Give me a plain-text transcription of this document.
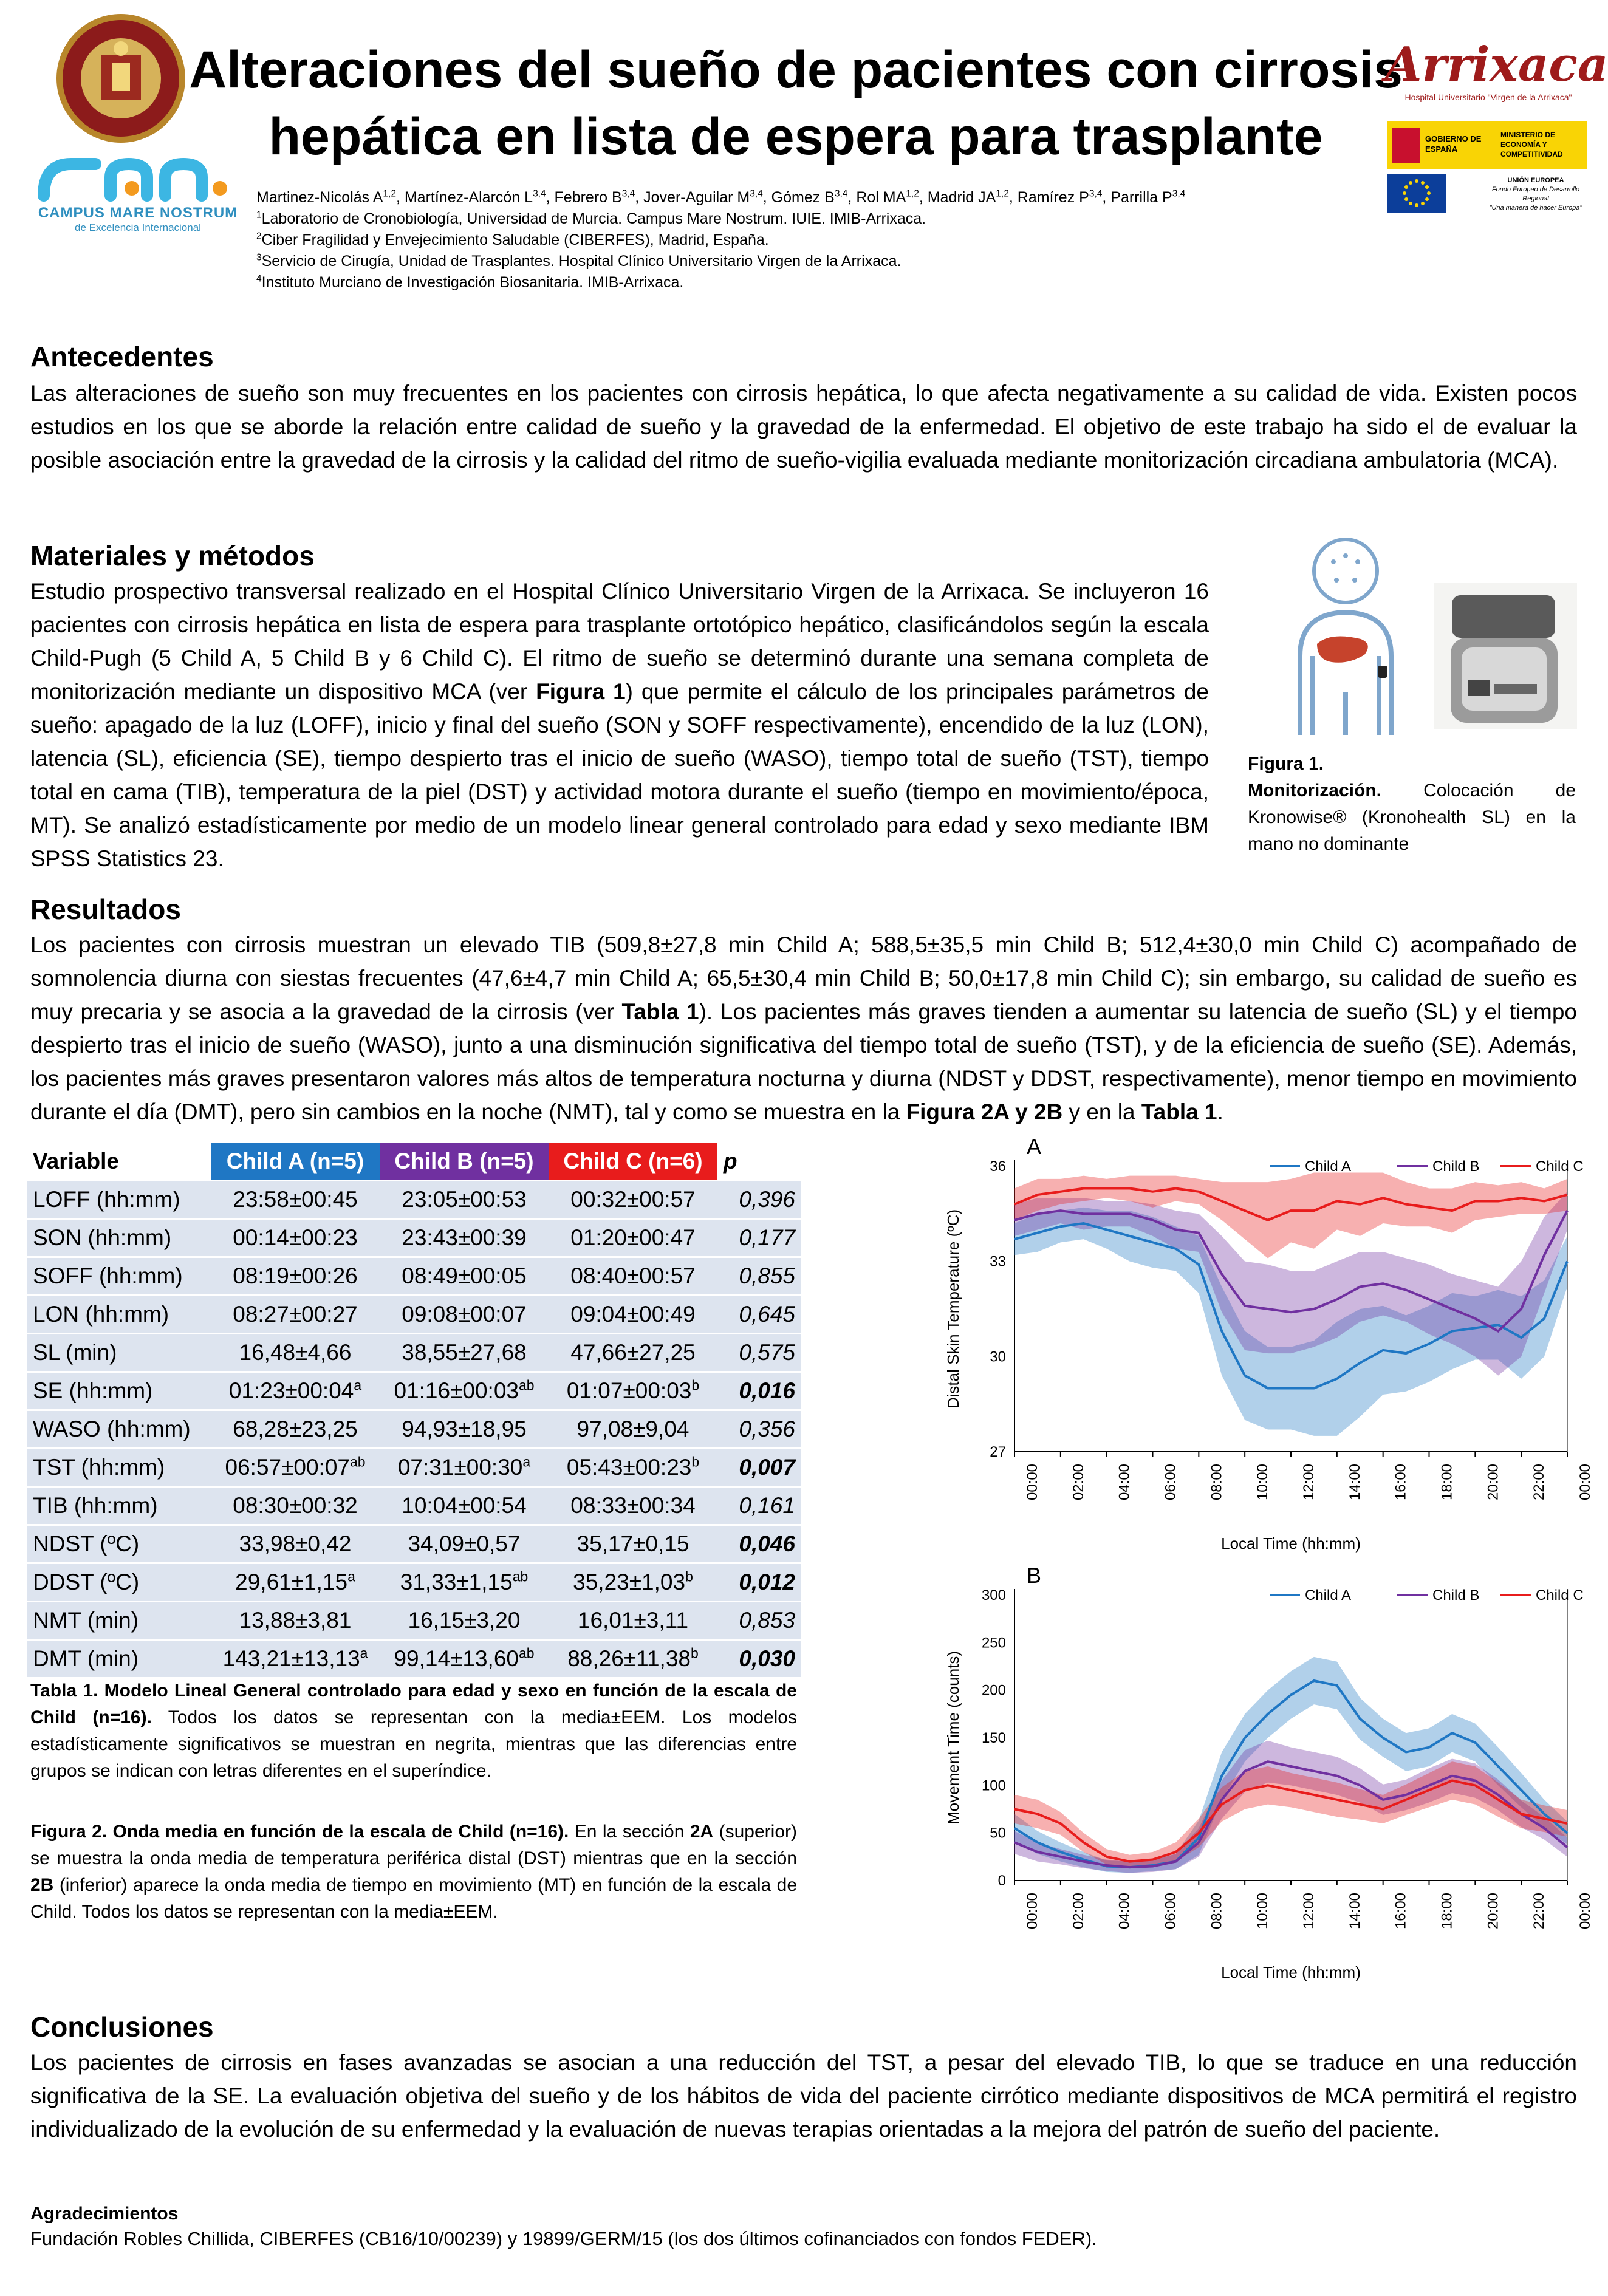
CAMPUS MARE NOSTRUM
de Excelencia Internacional
Alteraciones del sueño de pacientes con cirrosis
hepática en lista de espera para trasplante
Arrixaca
Hospital Universitario "Virgen de la Arrixaca"
GOBIERNO DE ESPAÑA
MINISTERIO DE ECONOMÍA Y COMPETITIVIDAD
UNIÓN EUROPEA
Fondo Europeo de Desarrollo Regional
"Una manera de hacer Europa"
Martinez-Nicolás A$^{1,2}$, Martínez-Alarcón L$^{3,4}$, Febrero B$^{3,4}$, Jover-Aguilar M$^{3,4}$, Gómez B$^{3,4}$, Rol MA$^{1,2}$, Madrid JA$^{1,2}$, Ramírez P$^{3,4}$, Parrilla P$^{3,4}$
$^1$Laboratorio de Cronobiología, Universidad de Murcia. Campus Mare Nostrum. IUIE. IMIB-Arrixaca.
$^2$Ciber Fragilidad y Envejecimiento Saludable (CIBERFES), Madrid, España.
$^3$Servicio de Cirugía, Unidad de Trasplantes. Hospital Clínico Universitario Virgen de la Arrixaca.
$^4$Instituto Murciano de Investigación Biosanitaria. IMIB-Arrixaca.
Antecedentes
Las alteraciones de sueño son muy frecuentes en los pacientes con cirrosis hepática, lo que afecta negativamente a su calidad de vida. Existen pocos estudios en los que se aborde la relación entre calidad de sueño y la gravedad de la enfermedad. El objetivo de este trabajo ha sido el de evaluar la posible asociación entre la gravedad de la cirrosis y la calidad del ritmo de sueño-vigilia evaluada mediante monitorización circadiana ambulatoria (MCA).
Materiales y métodos
Estudio prospectivo transversal realizado en el Hospital Clínico Universitario Virgen de la Arrixaca. Se incluyeron 16 pacientes con cirrosis hepática en lista de espera para trasplante ortotópico hepático, clasificándolos según la escala Child-Pugh (5 Child A, 5 Child B y 6 Child C). El ritmo de sueño se determinó durante una semana completa de monitorización mediante un dispositivo MCA (ver Figura 1) que permite el cálculo de los principales parámetros de sueño: apagado de la luz (LOFF), inicio y final del sueño (SON y SOFF respectivamente), encendido de la luz (LON), latencia (SL), eficiencia (SE), tiempo despierto tras el inicio de sueño (WASO), tiempo total de sueño (TST), tiempo total en cama (TIB), temperatura de la piel (DST) y actividad motora durante el sueño (tiempo en movimiento/época, MT). Se analizó estadísticamente por medio de un modelo linear general controlado para edad y sexo mediante IBM SPSS Statistics 23.
Figura 1.
Monitorización. Colocación de Kronowise® (Kronohealth SL) en la mano no dominante
Resultados
Los pacientes con cirrosis muestran un elevado TIB (509,8±27,8 min Child A; 588,5±35,5 min Child B; 512,4±30,0 min Child C) acompañado de somnolencia diurna con siestas frecuentes (47,6±4,7 min Child A; 65,5±30,4 min Child B; 50,0±17,8 min Child C); sin embargo, su calidad de sueño es muy precaria y se asocia a la gravedad de la cirrosis (ver Tabla 1). Los pacientes más graves tienden a aumentar su latencia de sueño (SL) y el tiempo despierto tras el inicio de sueño (WASO), junto a una disminución significativa del tiempo total de sueño (TST), y de la eficiencia de sueño (SE). Además, los pacientes más graves presentaron valores más altos de temperatura nocturna y diurna (NDST y DDST, respectivamente), menor tiempo en movimiento durante el día (DMT), pero sin cambios en la noche (NMT), tal y como se muestra en la Figura 2A y 2B y en la Tabla 1.
Variable	Child A (n=5)	Child B (n=5)	Child C (n=6)	p
LOFF (hh:mm)	23:58±00:45	23:05±00:53	00:32±00:57	0,396
SON (hh:mm)	00:14±00:23	23:43±00:39	01:20±00:47	0,177
SOFF (hh:mm)	08:19±00:26	08:49±00:05	08:40±00:57	0,855
LON (hh:mm)	08:27±00:27	09:08±00:07	09:04±00:49	0,645
SL (min)	16,48±4,66	38,55±27,68	47,66±27,25	0,575
SE (hh:mm)	$01:23\pm 00:04^a$	$01:16\pm 00:03^{ab}$	$01:07\pm 00:03^b$	0,016
WASO (hh:mm)	68,28±23,25	94,93±18,95	97,08±9,04	0,356
TST (hh:mm)	$06:57\pm 00:07^{ab}$	$07:31\pm 00:30^a$	$05:43\pm 00:23^b$	0,007
TIB (hh:mm)	08:30±00:32	10:04±00:54	08:33±00:34	0,161
NDST (ºC)	33,98±0,42	34,09±0,57	35,17±0,15	0,046
DDST (ºC)	29,61±1,15$^a$	31,33±1,15$^{ab}$	35,23±1,03$^b$	0,012
NMT (min)	13,88±3,81	16,15±3,20	16,01±3,11	0,853
DMT (min)	143,21±13,13$^a$	99,14±13,60$^{ab}$	88,26±11,38$^b$	0,030
Tabla 1. Modelo Lineal General controlado para edad y sexo en función de la escala de Child (n=16). Todos los datos se representan con la media±EEM. Los modelos estadísticamente significativos se muestran en negrita, mientras que las diferencias entre grupos se indican con letras diferentes en el superíndice.
Figura 2. Onda media en función de la escala de Child (n=16). En la sección 2A (superior) se muestra la onda media de temperatura periférica distal (DST) mientras que en la sección 2B (inferior) aparece la onda media de tiempo en movimiento (MT) en función de la escala de Child. Todos los datos se representan con la media±EEM.
A
27
30
33
36
00:00 02:00 04:00 06:00 08:00 10:00 12:00 14:00 16:00 18:00 20:00 22:00 00:00
Local Time (hh:mm)
Distal Skin Temperature (ºC)
Child A	Child B	Child C
B
0
50
100
150
200
250
300
00:00 02:00 04:00 06:00 08:00 10:00 12:00 14:00 16:00 18:00 20:00 22:00 00:00
Local Time (hh:mm)
Movement Time (counts)
Child A	Child B	Child C
Conclusiones
Los pacientes de cirrosis en fases avanzadas se asocian a una reducción del TST, a pesar del elevado TIB, lo que se traduce en una reducción significativa de la SE. La evaluación objetiva del sueño y de los hábitos de vida del paciente cirrótico mediante dispositivos de MCA permitirá el registro individualizado de la evolución de su enfermedad y la evaluación de nuevas terapias orientadas a la mejora del patrón de sueño del paciente.
Agradecimientos
Fundación Robles Chillida, CIBERFES (CB16/10/00239) y 19899/GERM/15 (los dos últimos cofinanciados con fondos FEDER).
